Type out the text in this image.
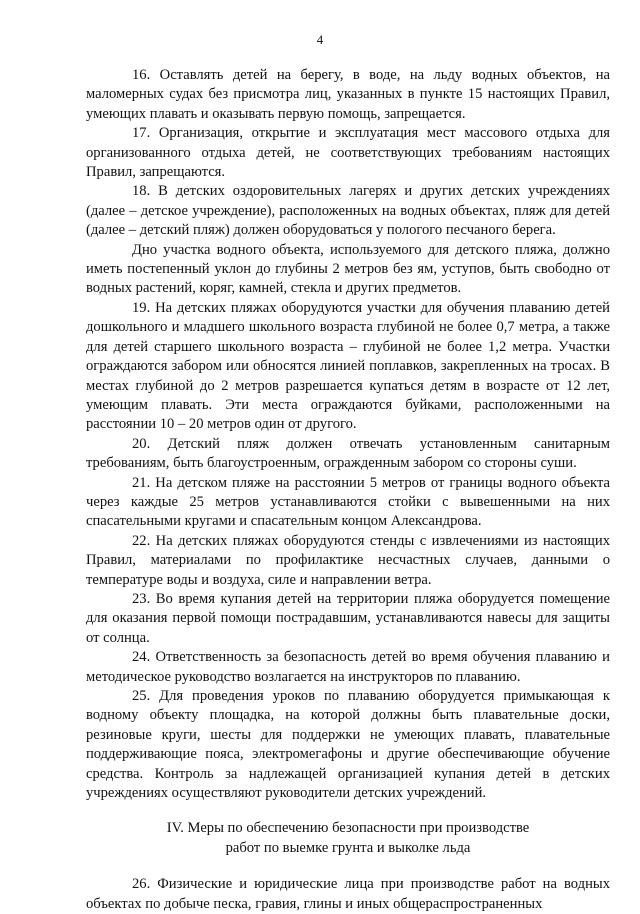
4

16. Оставлять детей на берегу, в воде, на льду водных объектов, на маломерных судах без присмотра лиц, указанных в пункте 15 настоящих Правил, умеющих плавать и оказывать первую помощь, запрещается.

17. Организация, открытие и эксплуатация мест массового отдыха для организованного отдыха детей, не соответствующих требованиям настоящих Правил, запрещаются.

18. В детских оздоровительных лагерях и других детских учреждениях (далее – детское учреждение), расположенных на водных объектах, пляж для детей (далее – детский пляж) должен оборудоваться у пологого песчаного берега.

Дно участка водного объекта, используемого для детского пляжа, должно иметь постепенный уклон до глубины 2 метров без ям, уступов, быть свободно от водных растений, коряг, камней, стекла и других предметов.

19. На детских пляжах оборудуются участки для обучения плаванию детей дошкольного и младшего школьного возраста глубиной не более 0,7 метра, а также для детей старшего школьного возраста – глубиной не более 1,2 метра. Участки ограждаются забором или обносятся линией поплавков, закрепленных на тросах. В местах глубиной до 2 метров разрешается купаться детям в возрасте от 12 лет, умеющим плавать. Эти места ограждаются буйками, расположенными на расстоянии 10 – 20 метров один от другого.

20. Детский пляж должен отвечать установленным санитарным требованиям, быть благоустроенным, огражденным забором со стороны суши.

21. На детском пляже на расстоянии 5 метров от границы водного объекта через каждые 25 метров устанавливаются стойки с вывешенными на них спасательными кругами и спасательным концом Александрова.

22. На детских пляжах оборудуются стенды с извлечениями из настоящих Правил, материалами по профилактике несчастных случаев, данными о температуре воды и воздуха, силе и направлении ветра.

23. Во время купания детей на территории пляжа оборудуется помещение для оказания первой помощи пострадавшим, устанавливаются навесы для защиты от солнца.

24. Ответственность за безопасность детей во время обучения плаванию и методическое руководство возлагается на инструкторов по плаванию.

25. Для проведения уроков по плаванию оборудуется примыкающая к водному объекту площадка, на которой должны быть плавательные доски, резиновые круги, шесты для поддержки не умеющих плавать, плавательные поддерживающие пояса, электромегафоны и другие обеспечивающие обучение средства. Контроль за надлежащей организацией купания детей в детских учреждениях осуществляют руководители детских учреждений.

IV. Меры по обеспечению безопасности при производстве
работ по выемке грунта и выколке льда

26. Физические и юридические лица при производстве работ на водных объектах по добыче песка, гравия, глины и иных общераспространенных
